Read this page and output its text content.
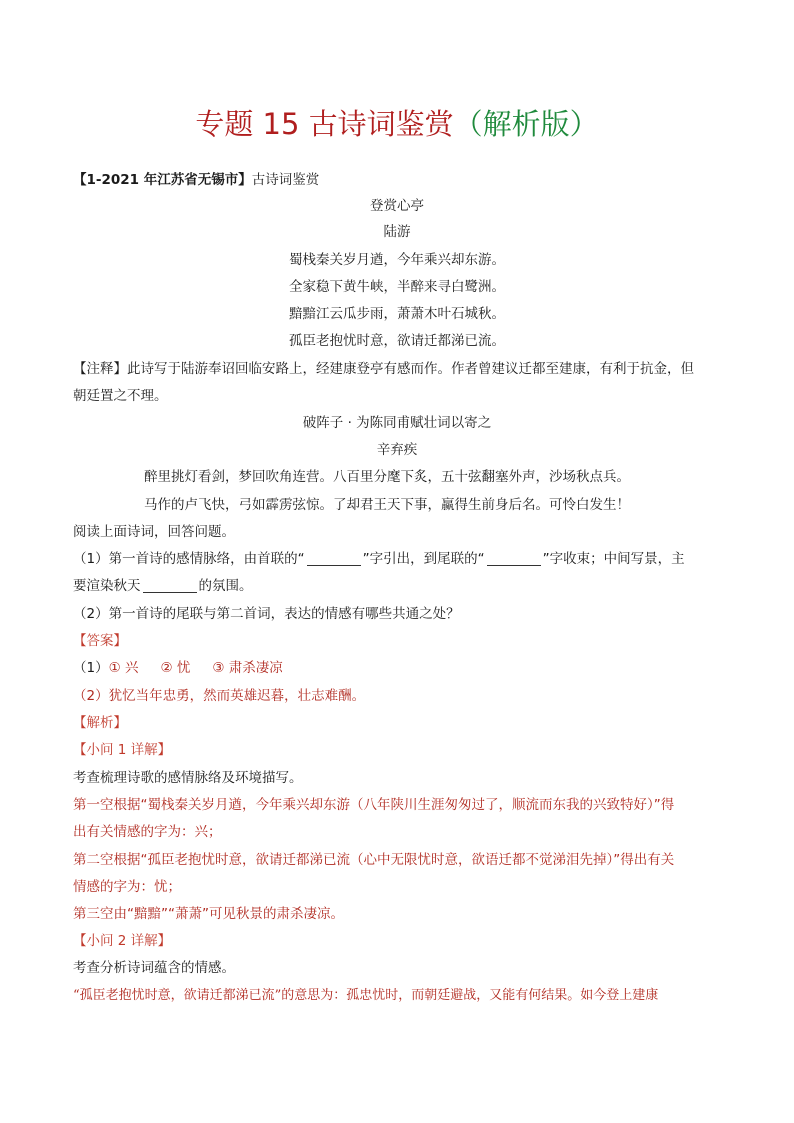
专题 15 古诗词鉴赏（解析版）
【1-2021 年江苏省无锡市】古诗词鉴赏
登赏心亭
陆游
蜀栈秦关岁月遒，今年乘兴却东游。
全家稳下黄牛峡，半醉来寻白鹭洲。
黯黯江云瓜步雨，萧萧木叶石城秋。
孤臣老抱忧时意，欲请迁都涕已流。
【注释】此诗写于陆游奉诏回临安路上，经建康登亭有感而作。作者曾建议迁都至建康，有利于抗金，但
朝廷置之不理。
破阵子 · 为陈同甫赋壮词以寄之
辛弃疾
醉里挑灯看剑，梦回吹角连营。八百里分麾下炙，五十弦翻塞外声，沙场秋点兵。
马作的卢飞快，弓如霹雳弦惊。了却君王天下事，赢得生前身后名。可怜白发生！
阅读上面诗词，回答问题。
（1）第一首诗的感情脉络，由首联的“	”字引出，到尾联的“	”字收束；中间写景，主
要渲染秋天	的氛围。
（2）第一首诗的尾联与第二首词，表达的情感有哪些共通之处？
【答案】
（1）① 兴 ② 忧 ③ 肃杀凄凉
（2）犹忆当年忠勇，然而英雄迟暮，壮志难酬。
【解析】
【小问 1 详解】
考查梳理诗歌的感情脉络及环境描写。
第一空根据“蜀栈秦关岁月遒，今年乘兴却东游（八年陕川生涯匆匆过了，顺流而东我的兴致特好）”得
出有关情感的字为：兴；
第二空根据“孤臣老抱忧时意，欲请迁都涕已流（心中无限忧时意，欲语迁都不觉涕泪先掉）”得出有关
情感的字为：忧；
第三空由“黯黯”“萧萧”可见秋景的肃杀凄凉。
【小问 2 详解】
考查分析诗词蕴含的情感。
“孤臣老抱忧时意，欲请迁都涕已流”的意思为：孤忠忧时，而朝廷避战，又能有何结果。如今登上建康
